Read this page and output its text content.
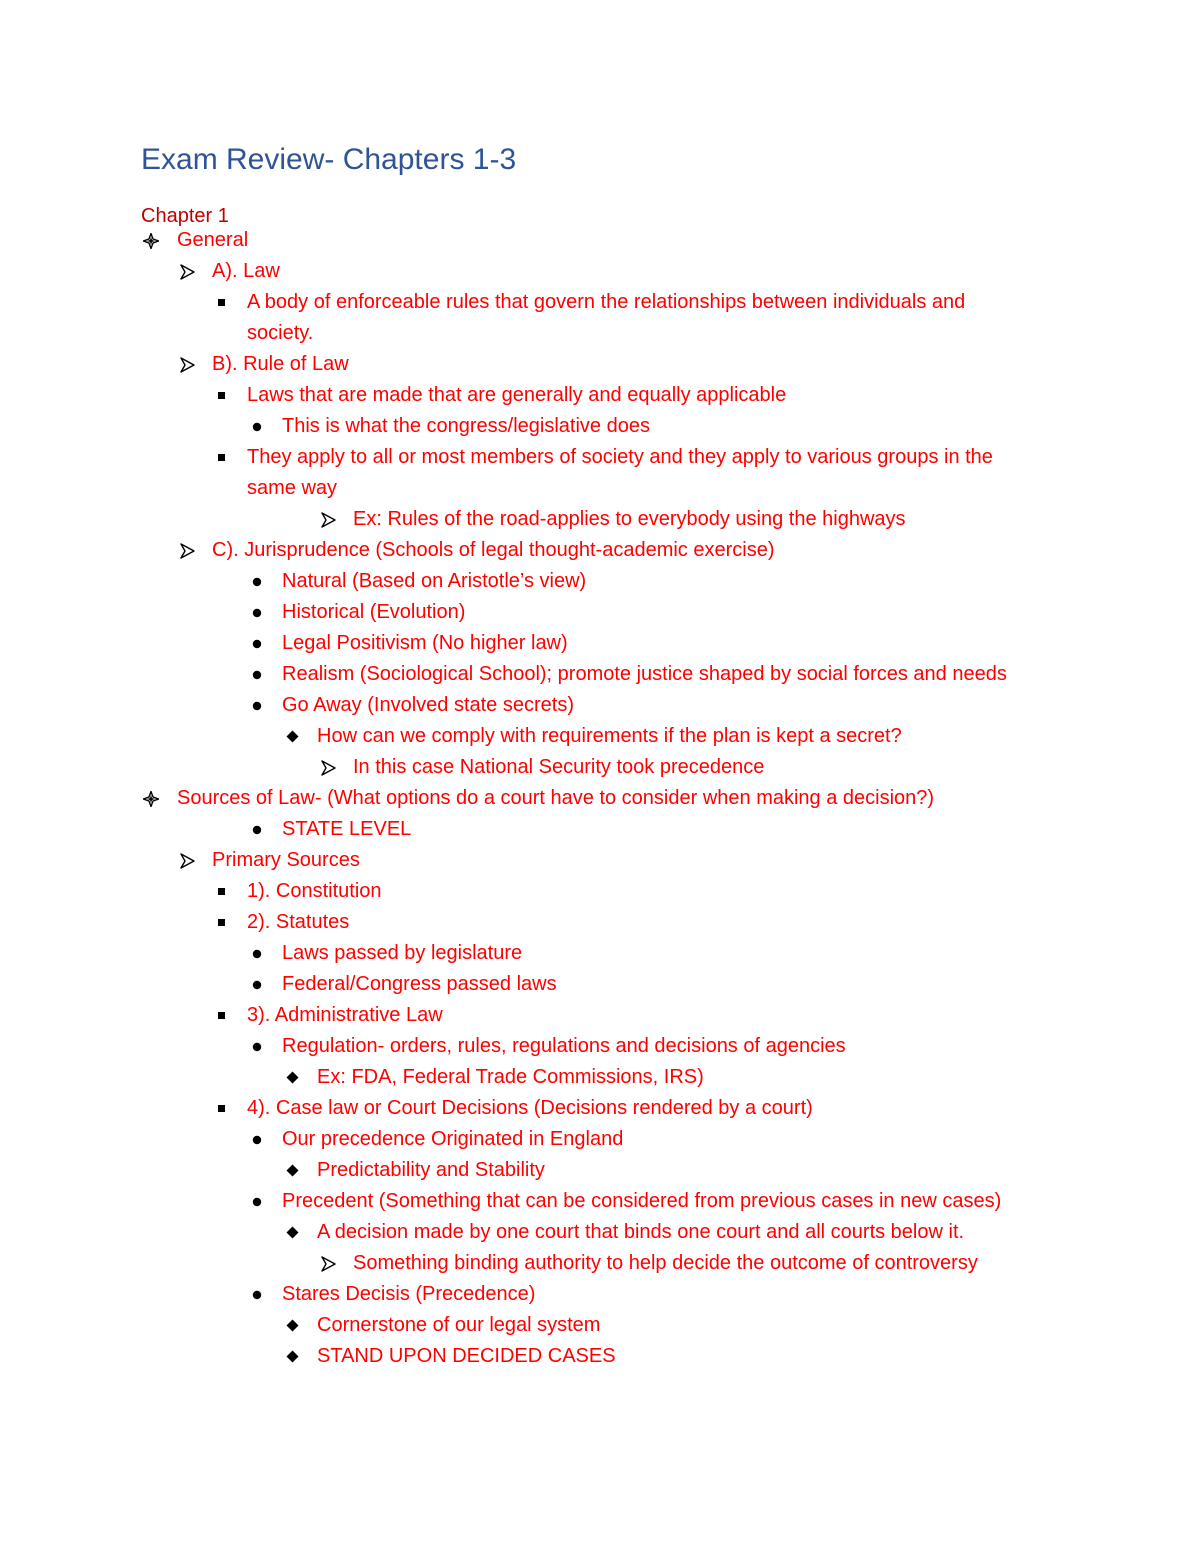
Exam Review- Chapters 1-3
Chapter 1
General
A). Law
A body of enforceable rules that govern the relationships between individuals and
society.
B). Rule of Law
Laws that are made that are generally and equally applicable
This is what the congress/legislative does
They apply to all or most members of society and they apply to various groups in the
same way
Ex: Rules of the road-applies to everybody using the highways
C). Jurisprudence (Schools of legal thought-academic exercise)
Natural (Based on Aristotle’s view)
Historical (Evolution)
Legal Positivism (No higher law)
Realism (Sociological School); promote justice shaped by social forces and needs
Go Away (Involved state secrets)
How can we comply with requirements if the plan is kept a secret?
In this case National Security took precedence
Sources of Law- (What options do a court have to consider when making a decision?)
STATE LEVEL
Primary Sources
1). Constitution
2). Statutes
Laws passed by legislature
Federal/Congress passed laws
3). Administrative Law
Regulation- orders, rules, regulations and decisions of agencies
Ex: FDA, Federal Trade Commissions, IRS)
4). Case law or Court Decisions (Decisions rendered by a court)
Our precedence Originated in England
Predictability and Stability
Precedent (Something that can be considered from previous cases in new cases)
A decision made by one court that binds one court and all courts below it.
Something binding authority to help decide the outcome of controversy
Stares Decisis (Precedence)
Cornerstone of our legal system
STAND UPON DECIDED CASES
